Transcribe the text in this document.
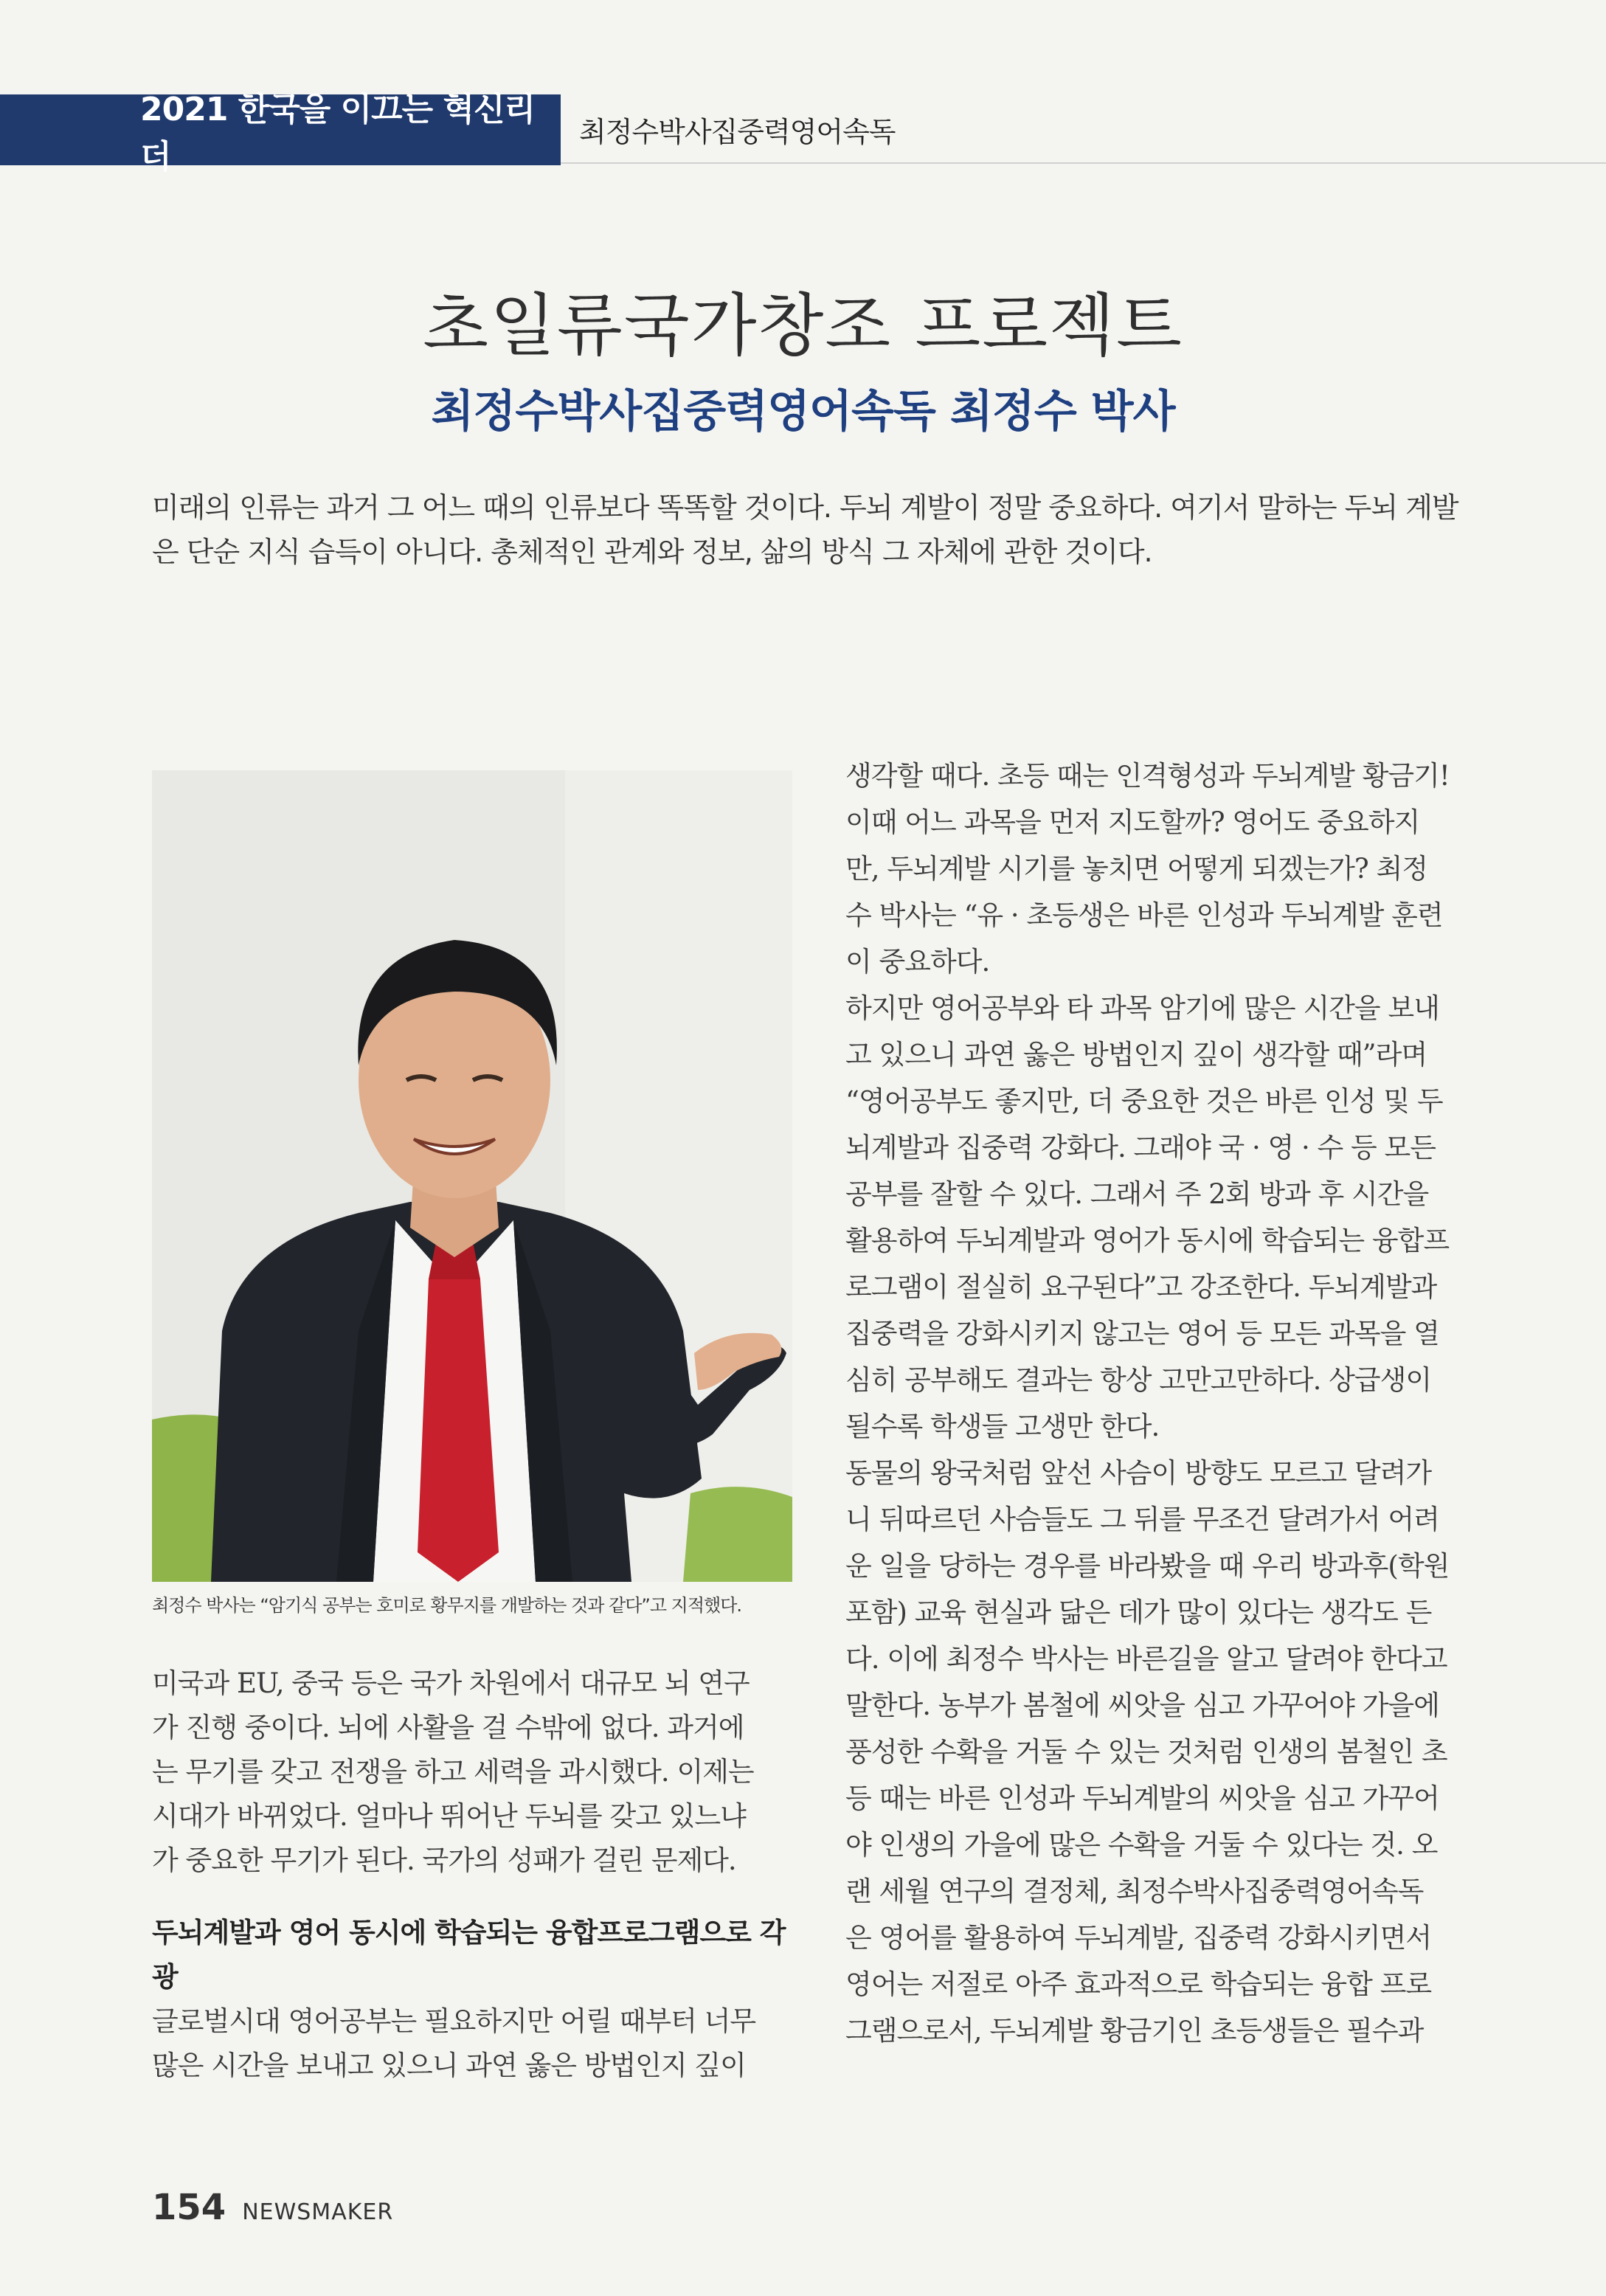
2021 한국을 이끄는 혁신리더
최정수박사집중력영어속독
초일류국가창조 프로젝트
최정수박사집중력영어속독 최정수 박사
미래의 인류는 과거 그 어느 때의 인류보다 똑똑할 것이다. 두뇌 계발이 정말 중요하다. 여기서 말하는 두뇌 계발
은 단순 지식 습득이 아니다. 총체적인 관계와 정보, 삶의 방식 그 자체에 관한 것이다.
최정수 박사는 “암기식 공부는 호미로 황무지를 개발하는 것과 같다”고 지적했다.

미국과 EU, 중국 등은 국가 차원에서 대규모 뇌 연구

가 진행 중이다. 뇌에 사활을 걸 수밖에 없다. 과거에

는 무기를 갖고 전쟁을 하고 세력을 과시했다. 이제는

시대가 바뀌었다. 얼마나 뛰어난 두뇌를 갖고 있느냐

가 중요한 무기가 된다. 국가의 성패가 걸린 문제다.

두뇌계발과 영어 동시에 학습되는 융합프로그램으로 각광

글로벌시대 영어공부는 필요하지만 어릴 때부터 너무

많은 시간을 보내고 있으니 과연 옳은 방법인지 깊이

생각할 때다. 초등 때는 인격형성과 두뇌계발 황금기!

이때 어느 과목을 먼저 지도할까? 영어도 중요하지

만, 두뇌계발 시기를 놓치면 어떻게 되겠는가? 최정

수 박사는 “유 · 초등생은 바른 인성과 두뇌계발 훈련

이 중요하다.

하지만 영어공부와 타 과목 암기에 많은 시간을 보내

고 있으니 과연 옳은 방법인지 깊이 생각할 때”라며

“영어공부도 좋지만, 더 중요한 것은 바른 인성 및 두

뇌계발과 집중력 강화다. 그래야 국 · 영 · 수 등 모든

공부를 잘할 수 있다. 그래서 주 2회 방과 후 시간을

활용하여 두뇌계발과 영어가 동시에 학습되는 융합프

로그램이 절실히 요구된다”고 강조한다. 두뇌계발과

집중력을 강화시키지 않고는 영어 등 모든 과목을 열

심히 공부해도 결과는 항상 고만고만하다. 상급생이

될수록 학생들 고생만 한다.

동물의 왕국처럼 앞선 사슴이 방향도 모르고 달려가

니 뒤따르던 사슴들도 그 뒤를 무조건 달려가서 어려

운 일을 당하는 경우를 바라봤을 때 우리 방과후(학원

포함) 교육 현실과 닮은 데가 많이 있다는 생각도 든

다. 이에 최정수 박사는 바른길을 알고 달려야 한다고

말한다. 농부가 봄철에 씨앗을 심고 가꾸어야 가을에

풍성한 수확을 거둘 수 있는 것처럼 인생의 봄철인 초

등 때는 바른 인성과 두뇌계발의 씨앗을 심고 가꾸어

야 인생의 가을에 많은 수확을 거둘 수 있다는 것. 오

랜 세월 연구의 결정체, 최정수박사집중력영어속독

은 영어를 활용하여 두뇌계발, 집중력 강화시키면서

영어는 저절로 아주 효과적으로 학습되는 융합 프로

그램으로서, 두뇌계발 황금기인 초등생들은 필수과

154 NEWSMAKER
